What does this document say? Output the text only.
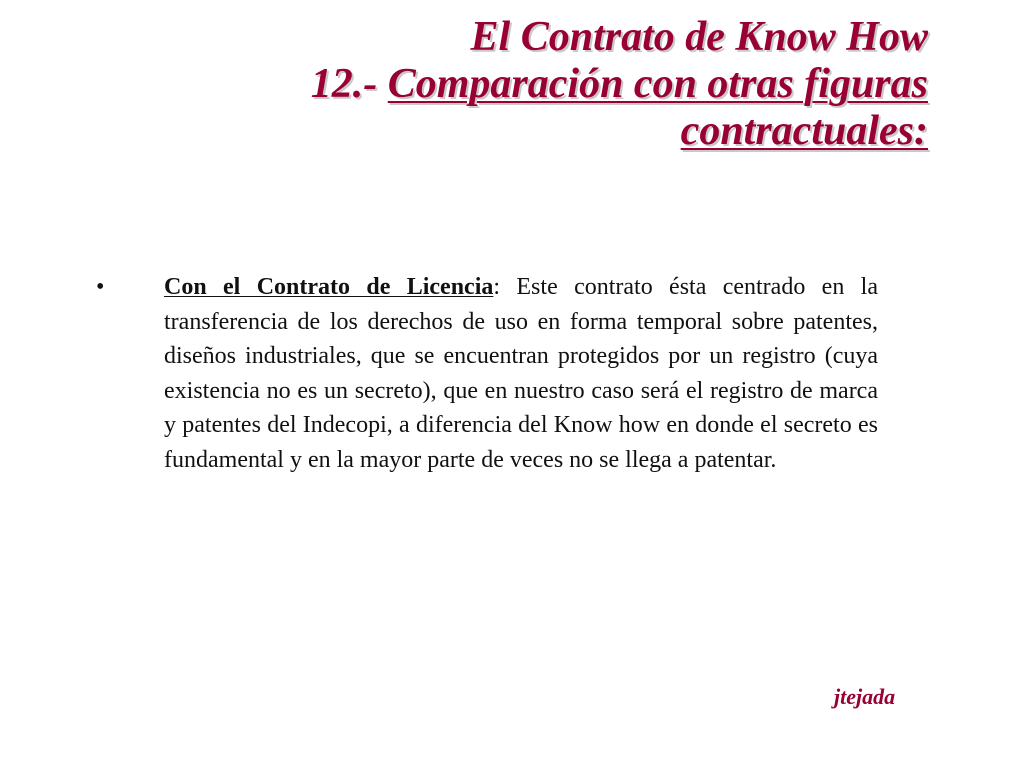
El Contrato de Know How
12.- Comparación con otras figuras
contractuales:
•	Con el Contrato de Licencia: Este contrato ésta centrado en la transferencia de los derechos de uso en forma temporal sobre patentes, diseños industriales, que se encuentran protegidos por un registro (cuya existencia no es un secreto), que en nuestro caso será el registro de marca y patentes del Indecopi, a diferencia del Know how en donde el secreto es fundamental y en la mayor parte de veces no se llega a patentar.
jtejada
